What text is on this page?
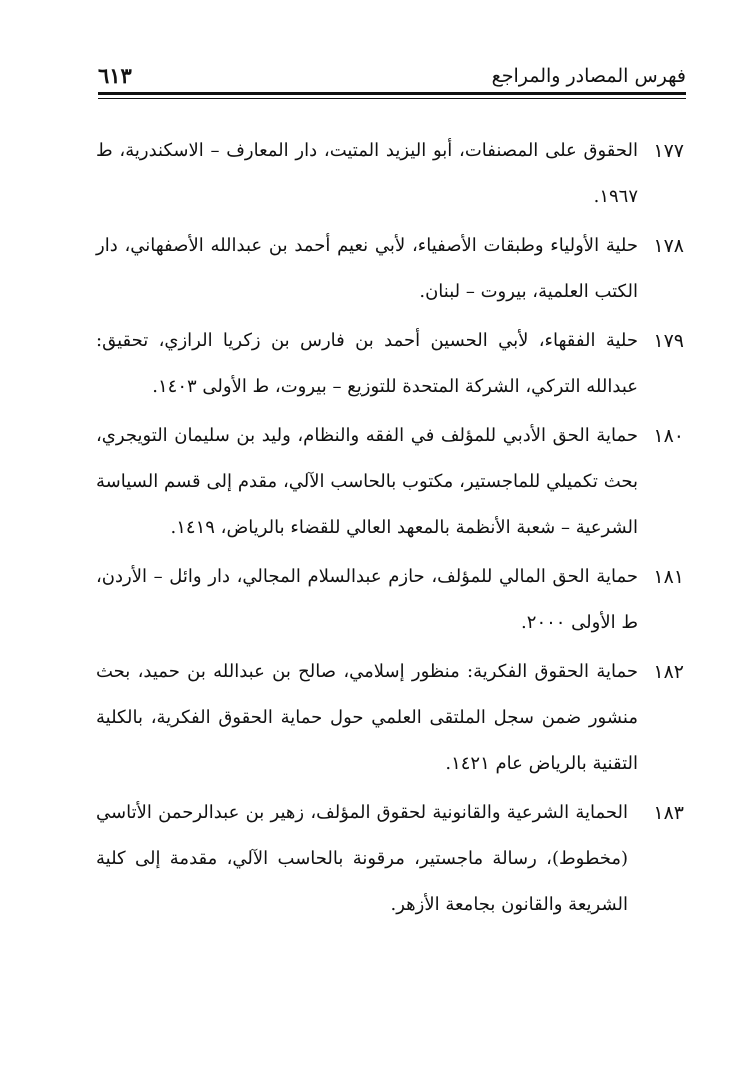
فهرس المصادر والمراجع
٦١٣
١٧٧
الحقوق على المصنفات، أبو اليزيد المتيت، دار المعارف – الاسكندرية، ط ١٩٦٧.
١٧٨
حلية الأولياء وطبقات الأصفياء، لأبي نعيم أحمد بن عبدالله الأصفهاني، دار الكتب العلمية، بيروت – لبنان.
١٧٩
حلية الفقهاء، لأبي الحسين أحمد بن فارس بن زكريا الرازي، تحقيق: عبدالله التركي، الشركة المتحدة للتوزيع – بيروت، ط الأولى ١٤٠٣.
١٨٠
حماية الحق الأدبي للمؤلف في الفقه والنظام، وليد بن سليمان التويجري، بحث تكميلي للماجستير، مكتوب بالحاسب الآلي، مقدم إلى قسم السياسة الشرعية – شعبة الأنظمة بالمعهد العالي للقضاء بالرياض، ١٤١٩.
١٨١
حماية الحق المالي للمؤلف، حازم عبدالسلام المجالي، دار وائل – الأردن، ط الأولى ٢٠٠٠.
١٨٢
حماية الحقوق الفكرية: منظور إسلامي، صالح بن عبدالله بن حميد، بحث منشور ضمن سجل الملتقى العلمي حول حماية الحقوق الفكرية، بالكلية التقنية بالرياض عام ١٤٢١.
١٨٣
الحماية الشرعية والقانونية لحقوق المؤلف، زهير بن عبدالرحمن الأتاسي (مخطوط)، رسالة ماجستير، مرقونة بالحاسب الآلي، مقدمة إلى كلية الشريعة والقانون بجامعة الأزهر.
